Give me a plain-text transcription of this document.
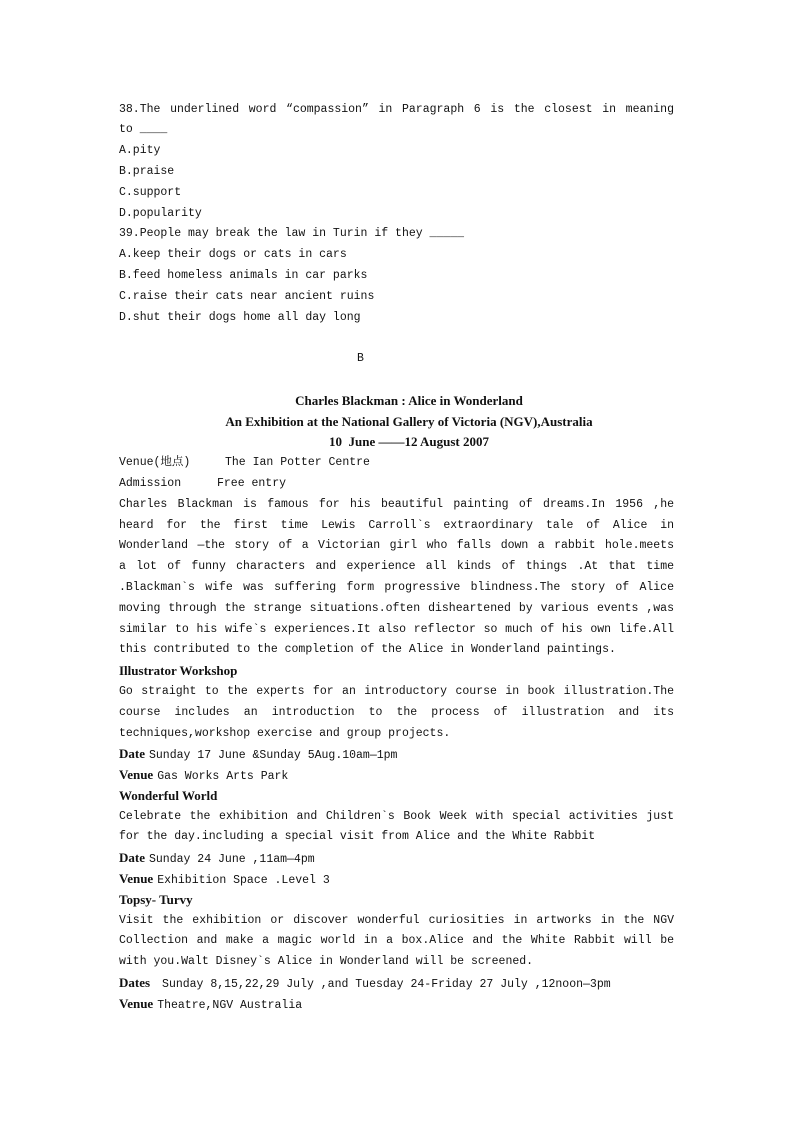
38.The underlined word “compassion” in Paragraph 6 is the closest in meaning
to ____
A.pity
B.praise
C.support
D.popularity
39.People may break the law in Turin if they _____
A.keep their dogs or cats in cars
B.feed homeless animals in car parks
C.raise their cats near ancient ruins
D.shut their dogs home all day long
B
Charles Blackman : Alice in Wonderland
An Exhibition at the National Gallery of Victoria (NGV),Australia
10  June ——12 August 2007
Venue(地点)	The Ian Potter Centre
Admission	Free entry
Charles Blackman is famous for his beautiful painting of dreams.In 1956 ,he
heard for the first time Lewis Carroll`s extraordinary tale of Alice in
Wonderland —the story of a Victorian girl who falls down a rabbit hole.meets
a lot of funny characters and experience all kinds of things .At that time
.Blackman`s wife was suffering form progressive blindness.The story of Alice
moving through the strange situations.often disheartened by various events ,was
similar to his wife`s experiences.It also reflector so much of his own life.All
this contributed to the completion of the Alice in Wonderland paintings.
Illustrator Workshop
Go straight to the experts for an introductory course in book illustration.The
course includes an introduction to the process of illustration and its
techniques,workshop exercise and group projects.
Date Sunday 17 June &Sunday 5Aug.10am—1pm
Venue Gas Works Arts Park
Wonderful World
Celebrate the exhibition and Children`s Book Week with special activities just
for the day.including a special visit from Alice and the White Rabbit
Date Sunday 24 June ,11am—4pm
Venue Exhibition Space .Level 3
Topsy- Turvy
Visit the exhibition or discover wonderful curiosities in artworks in the NGV
Collection and make a magic world in a box.Alice and the White Rabbit will be
with you.Walt Disney`s Alice in Wonderland will be screened.
Dates Sunday 8,15,22,29 July ,and Tuesday 24-Friday 27 July ,12noon—3pm
Venue Theatre,NGV Australia
